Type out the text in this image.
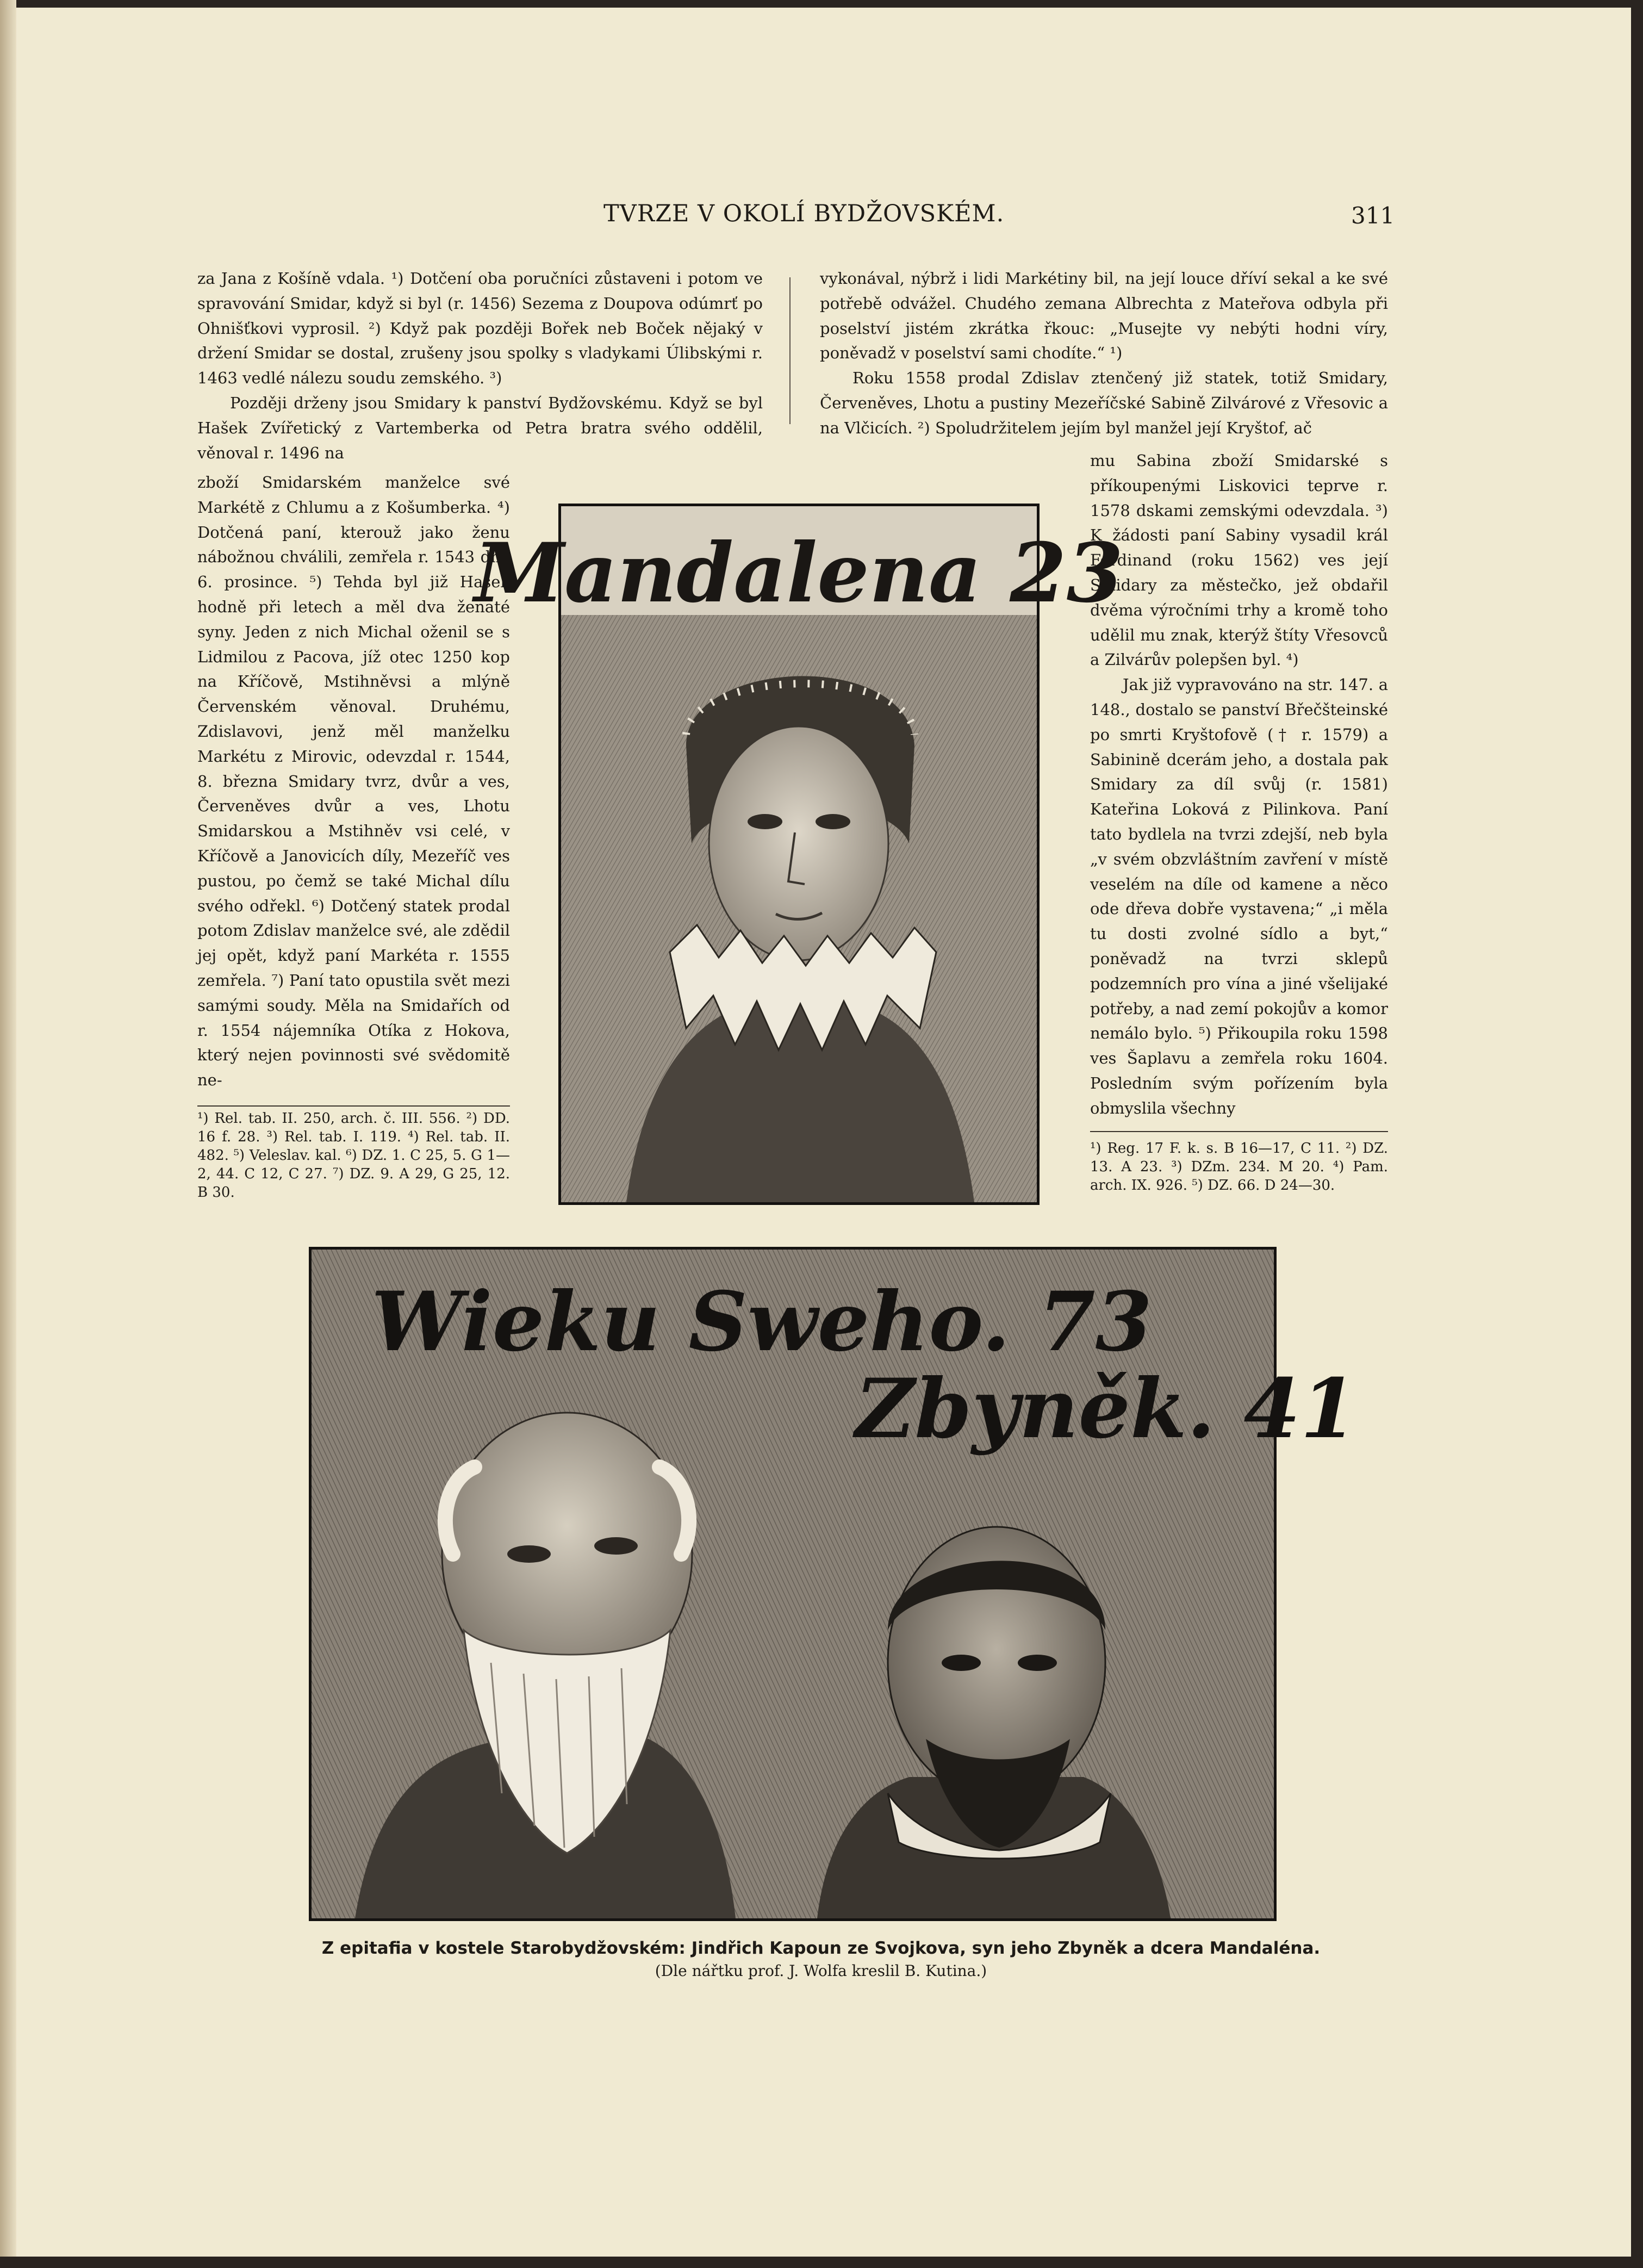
TVRZE V OKOLÍ BYDŽOVSKÉM.	311

za Jana z Košíně vdala. ¹) Dotčení oba poručníci zůstaveni i potom ve spravování Smidar, když si byl (r. 1456) Sezema z Doupova odúmrť po Ohnišťkovi vyprosil. ²) Když pak později Bořek neb Boček nějaký v držení Smidar se dostal, zrušeny jsou spolky s vladykami Úlibskými r. 1463 vedlé nálezu soudu zemského. ³)

Později drženy jsou Smidary k panství Bydžovskému. Když se byl Hašek Zvířetický z Vartemberka od Petra bratra svého oddělil, věnoval r. 1496 na

zboží Smidarském manželce své Markétě z Chlumu a z Košumberka. ⁴) Dotčená paní, kterouž jako ženu nábožnou chválili, zemřela r. 1543 dne 6. prosince. ⁵) Tehda byl již Hašek hodně při letech a měl dva ženaté syny. Jeden z nich Michal oženil se s Lidmilou z Pacova, jíž otec 1250 kop na Kříčově, Mstihněvsi a mlýně Červenském věnoval. Druhému, Zdislavovi, jenž měl manželku Markétu z Mirovic, odevzdal r. 1544, 8. března Smidary tvrz, dvůr a ves, Červeněves dvůr a ves, Lhotu Smidarskou a Mstihněv vsi celé, v Kříčově a Janovicích díly, Mezeříč ves pustou, po čemž se také Michal dílu svého odřekl. ⁶) Dotčený statek prodal potom Zdislav manželce své, ale zdědil jej opět, když paní Markéta r. 1555 zemřela. ⁷) Paní tato opustila svět mezi samými soudy. Měla na Smidařích od r. 1554 nájemníka Otíka z Hokova, který nejen povinnosti své svědomitě ne-

vykonával, nýbrž i lidi Markétiny bil, na její louce dříví sekal a ke své potřebě odvážel. Chudého zemana Albrechta z Mateřova odbyla při poselství jistém zkrátka řkouc: „Musejte vy nebýti hodni víry, poněvadž v poselství sami chodíte.“ ¹)

Roku 1558 prodal Zdislav ztenčený již statek, totiž Smidary, Červeněves, Lhotu a pustiny Mezeříčské Sabině Zilvárové z Vřesovic a na Vlčicích. ²) Spoludržitelem jejím byl manžel její Kryštof, ač

mu Sabina zboží Smidarské s příkoupenými Liskovici teprve r. 1578 dskami zemskými odevzdala. ³) K žádosti paní Sabiny vysadil král Ferdinand (roku 1562) ves její Smidary za městečko, jež obdařil dvěma výročními trhy a kromě toho udělil mu znak, kterýž štíty Vřesovců a Zilvárův polepšen byl. ⁴)

Jak již vypravováno na str. 147. a 148., dostalo se panství Břečšteinské po smrti Kryštofově († r. 1579) a Sabinině dcerám jeho, a dostala pak Smidary za díl svůj (r. 1581) Kateřina Loková z Pilinkova. Paní tato bydlela na tvrzi zdejší, neb byla „v svém obzvláštním zavření v místě veselém na díle od kamene a něco ode dřeva dobře vystavena;“ „i měla tu dosti zvolné sídlo a byt,“ poněvadž na tvrzi sklepů podzemních pro vína a jiné všelijaké potřeby, a nad zemí pokojův a komor nemálo bylo. ⁵) Přikoupila roku 1598 ves Šaplavu a zemřela roku 1604. Posledním svým pořízením byla obmyslila všechny

¹) Rel. tab. II. 250, arch. č. III. 556. ²) DD. 16 f. 28. ³) Rel. tab. I. 119. ⁴) Rel. tab. II. 482. ⁵) Veleslav. kal. ⁶) DZ. 1. C 25, 5. G 1—2, 44. C 12, C 27. ⁷) DZ. 9. A 29, G 25, 12. B 30.

¹) Reg. 17 F. k. s. B 16—17, C 11. ²) DZ. 13. A 23. ³) DZm. 234. M 20. ⁴) Pam. arch. IX. 926. ⁵) DZ. 66. D 24—30.

Mandalena 23
Wieku Sweho. 73
Zbyněk. 41
Z epitafia v kostele Starobydžovském: Jindřich Kapoun ze Svojkova, syn jeho Zbyněk a dcera Mandaléna.
(Dle nářtku prof. J. Wolfa kreslil B. Kutina.)
